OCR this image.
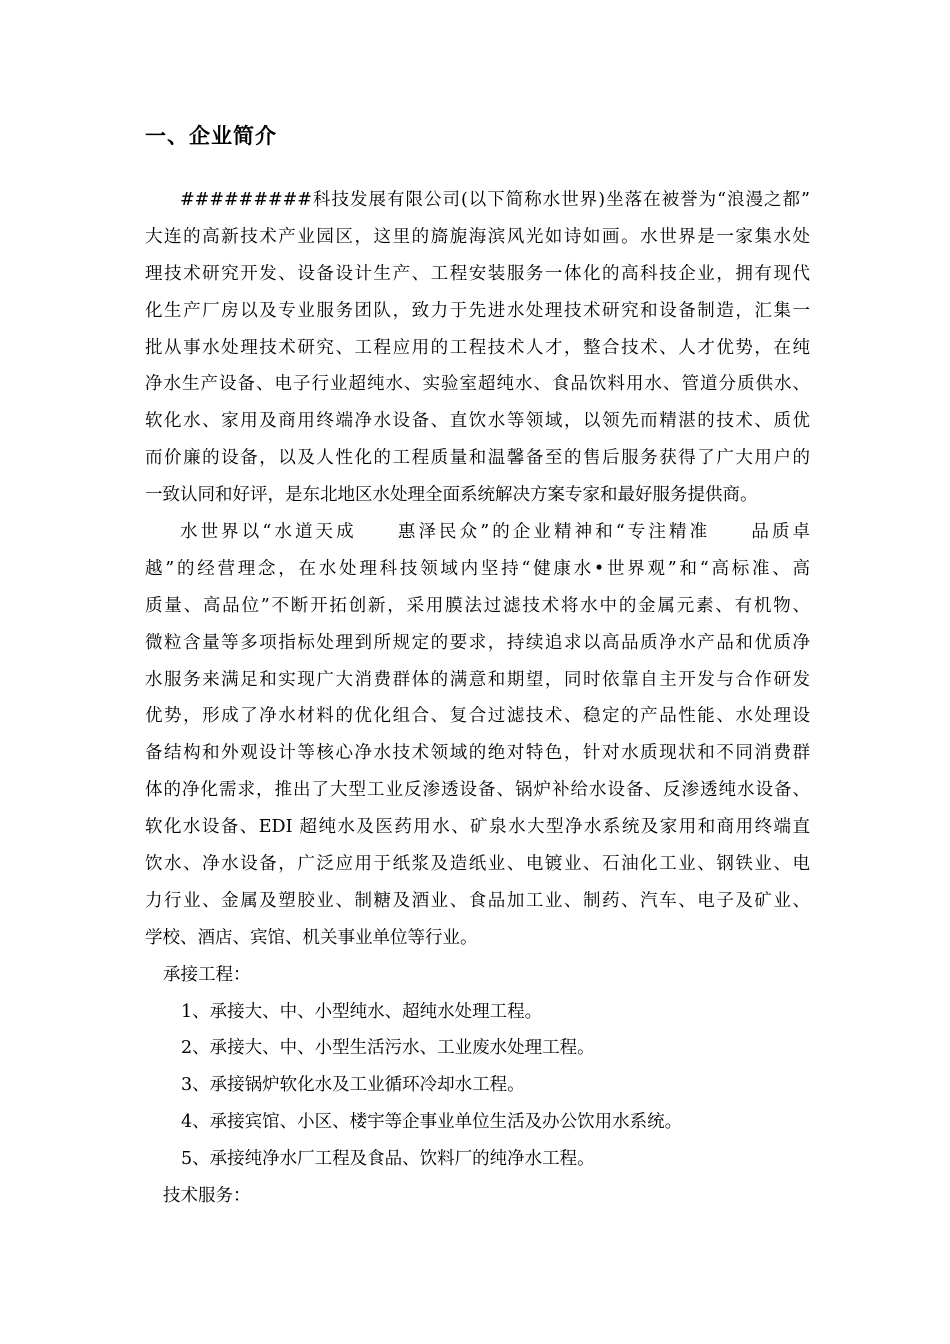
一、企业简介
#########科技发展有限公司(以下简称水世界)坐落在被誉为“浪漫之都”
大连的高新技术产业园区，这里的旖旎海滨风光如诗如画。水世界是一家集水处
理技术研究开发、设备设计生产、工程安装服务一体化的高科技企业，拥有现代
化生产厂房以及专业服务团队，致力于先进水处理技术研究和设备制造，汇集一
批从事水处理技术研究、工程应用的工程技术人才，整合技术、人才优势，在纯
净水生产设备、电子行业超纯水、实验室超纯水、食品饮料用水、管道分质供水、
软化水、家用及商用终端净水设备、直饮水等领域，以领先而精湛的技术、质优
而价廉的设备，以及人性化的工程质量和温馨备至的售后服务获得了广大用户的
一致认同和好评，是东北地区水处理全面系统解决方案专家和最好服务提供商。
水世界以“水道天成　　惠泽民众”的企业精神和“专注精准　　品质卓
越”的经营理念，在水处理科技领域内坚持“健康水•世界观”和“高标准、高
质量、高品位”不断开拓创新，采用膜法过滤技术将水中的金属元素、有机物、
微粒含量等多项指标处理到所规定的要求，持续追求以高品质净水产品和优质净
水服务来满足和实现广大消费群体的满意和期望，同时依靠自主开发与合作研发
优势，形成了净水材料的优化组合、复合过滤技术、稳定的产品性能、水处理设
备结构和外观设计等核心净水技术领域的绝对特色，针对水质现状和不同消费群
体的净化需求，推出了大型工业反渗透设备、锅炉补给水设备、反渗透纯水设备、
软化水设备、EDI 超纯水及医药用水、矿泉水大型净水系统及家用和商用终端直
饮水、净水设备，广泛应用于纸浆及造纸业、电镀业、石油化工业、钢铁业、电
力行业、金属及塑胶业、制糖及酒业、食品加工业、制药、汽车、电子及矿业、
学校、酒店、宾馆、机关事业单位等行业。
承接工程：
1、承接大、中、小型纯水、超纯水处理工程。
2、承接大、中、小型生活污水、工业废水处理工程。
3、承接锅炉软化水及工业循环冷却水工程。
4、承接宾馆、小区、楼宇等企事业单位生活及办公饮用水系统。
5、承接纯净水厂工程及食品、饮料厂的纯净水工程。
技术服务：
